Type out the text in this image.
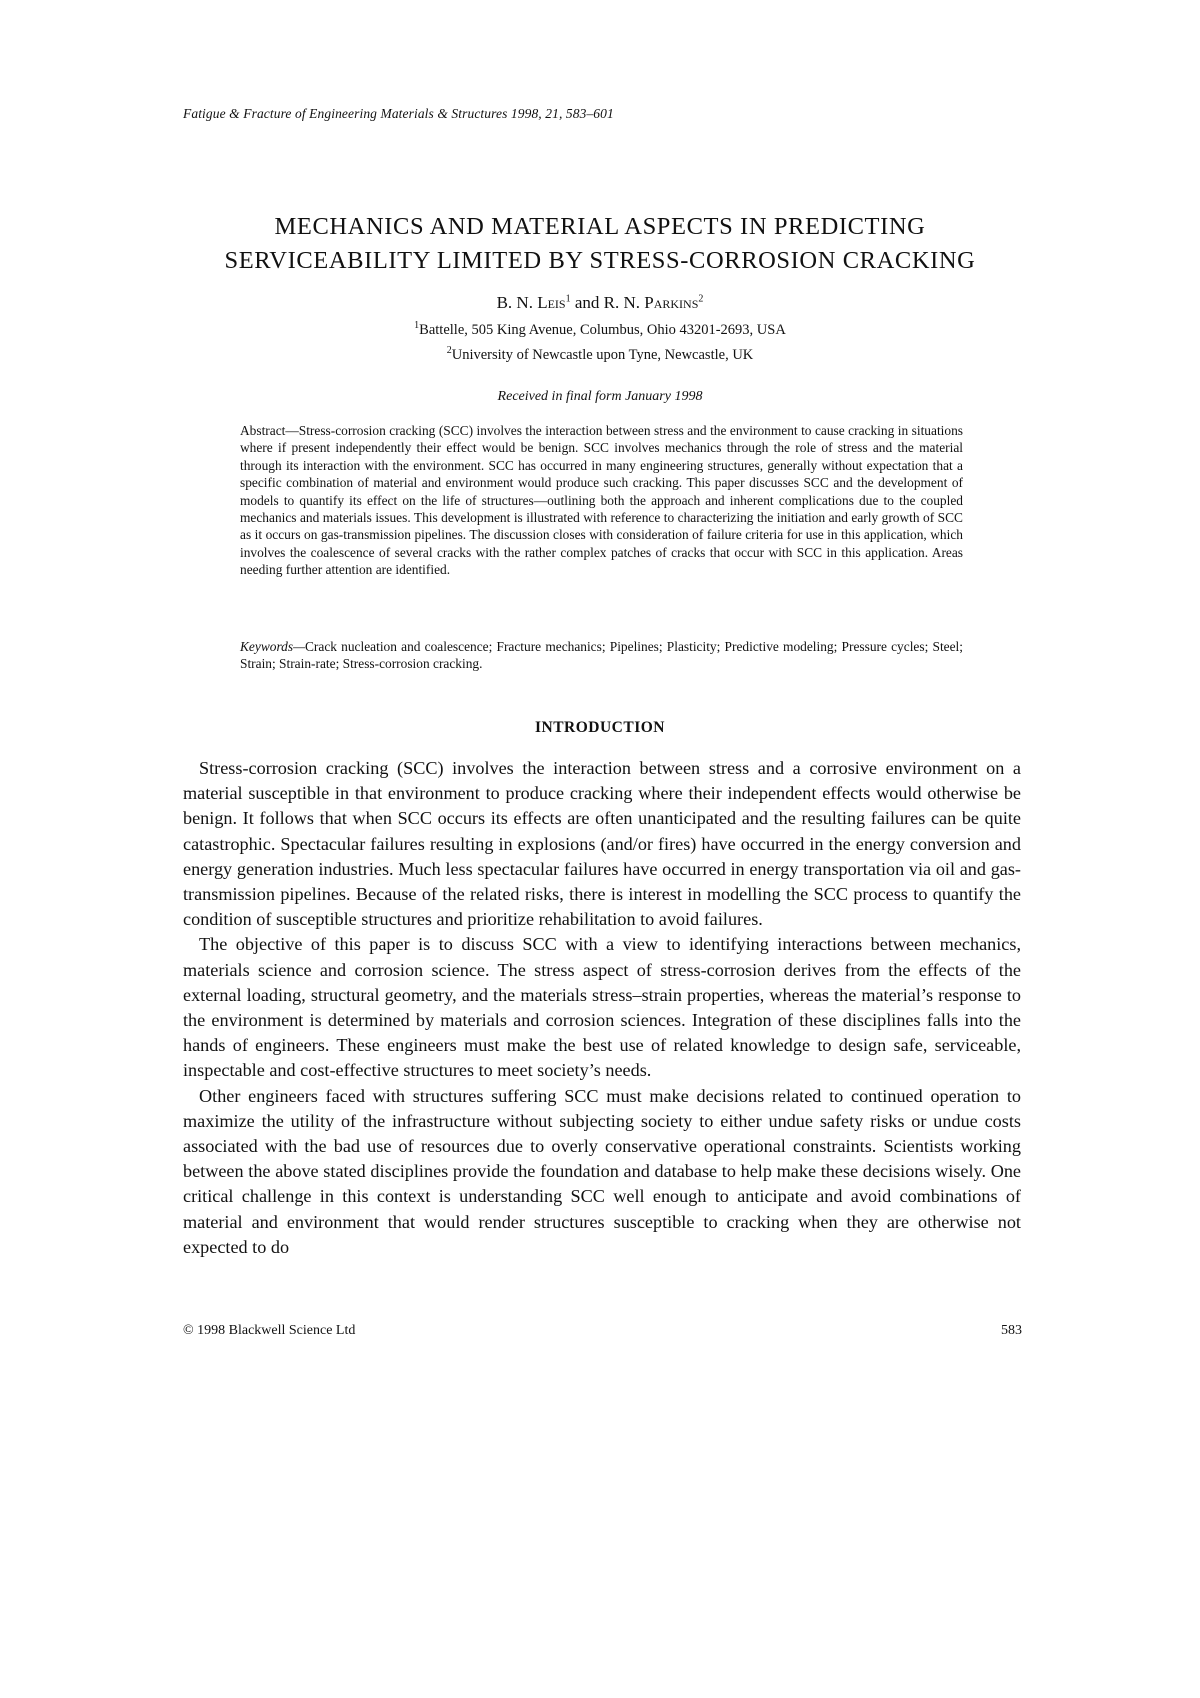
Fatigue & Fracture of Engineering Materials & Structures 1998, 21, 583–601
MECHANICS AND MATERIAL ASPECTS IN PREDICTING
SERVICEABILITY LIMITED BY STRESS-CORROSION CRACKING
B. N. Leis$^1$ and R. N. Parkins$^2$
$^1$Battelle, 505 King Avenue, Columbus, Ohio 43201-2693, USA
$^2$University of Newcastle upon Tyne, Newcastle, UK
Received in final form January 1998
Abstract—Stress-corrosion cracking (SCC) involves the interaction between stress and the environment to cause cracking in situations where if present independently their effect would be benign. SCC involves mechanics through the role of stress and the material through its interaction with the environment. SCC has occurred in many engineering structures, generally without expectation that a specific combination of material and environment would produce such cracking. This paper discusses SCC and the development of models to quantify its effect on the life of structures—outlining both the approach and inherent complications due to the coupled mechanics and materials issues. This development is illustrated with reference to characterizing the initiation and early growth of SCC as it occurs on gas-transmission pipelines. The discussion closes with consideration of failure criteria for use in this application, which involves the coalescence of several cracks with the rather complex patches of cracks that occur with SCC in this application. Areas needing further attention are identified.
Keywords—Crack nucleation and coalescence; Fracture mechanics; Pipelines; Plasticity; Predictive modeling; Pressure cycles; Steel; Strain; Strain-rate; Stress-corrosion cracking.
INTRODUCTION

Stress-corrosion cracking (SCC) involves the interaction between stress and a corrosive environment on a material susceptible in that environment to produce cracking where their independent effects would otherwise be benign. It follows that when SCC occurs its effects are often unanticipated and the resulting failures can be quite catastrophic. Spectacular failures resulting in explosions (and/or fires) have occurred in the energy conversion and energy generation industries. Much less spectacular failures have occurred in energy transportation via oil and gas-transmission pipelines. Because of the related risks, there is interest in modelling the SCC process to quantify the condition of susceptible structures and prioritize rehabilitation to avoid failures.

The objective of this paper is to discuss SCC with a view to identifying interactions between mechanics, materials science and corrosion science. The stress aspect of stress-corrosion derives from the effects of the external loading, structural geometry, and the materials stress–strain properties, whereas the material’s response to the environment is determined by materials and corrosion sciences. Integration of these disciplines falls into the hands of engineers. These engineers must make the best use of related knowledge to design safe, serviceable, inspectable and cost-effective structures to meet society’s needs.

Other engineers faced with structures suffering SCC must make decisions related to continued operation to maximize the utility of the infrastructure without subjecting society to either undue safety risks or undue costs associated with the bad use of resources due to overly conservative operational constraints. Scientists working between the above stated disciplines provide the foundation and database to help make these decisions wisely. One critical challenge in this context is understanding SCC well enough to anticipate and avoid combinations of material and environment that would render structures susceptible to cracking when they are otherwise not expected to do

© 1998 Blackwell Science Ltd	583
